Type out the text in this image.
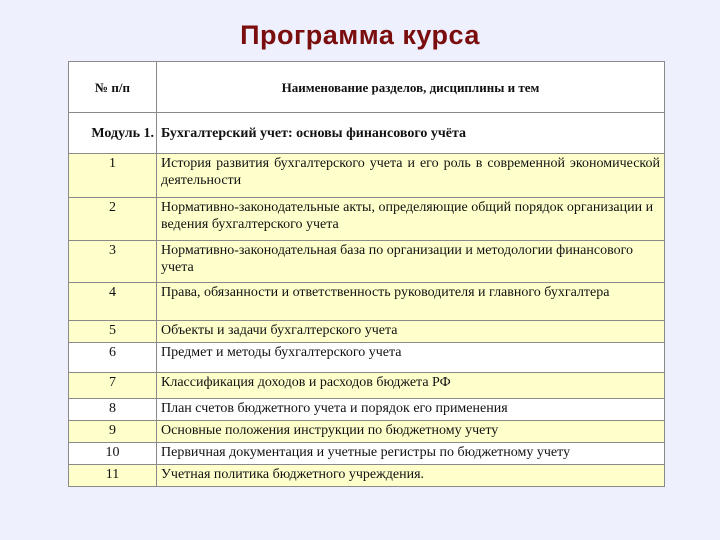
Программа курса
№ п/п	Наименование разделов, дисциплины и тем
Модуль 1.	Бухгалтерский учет: основы финансового учёта
1	История развития бухгалтерского учета и его роль в современной экономической деятельности
2	Нормативно-законодательные акты, определяющие общий порядок организации и ведения бухгалтерского учета
3	Нормативно-законодательная база по организации и методологии финансового учета
4	Права, обязанности и ответственность руководителя и главного бухгалтера
5	Объекты и задачи бухгалтерского учета
6	Предмет и методы бухгалтерского учета
7	Классификация доходов и расходов бюджета РФ
8	План счетов бюджетного учета и порядок его применения
9	Основные положения инструкции по бюджетному учету
10	Первичная документация и учетные регистры по бюджетному учету
11	Учетная политика бюджетного учреждения.
